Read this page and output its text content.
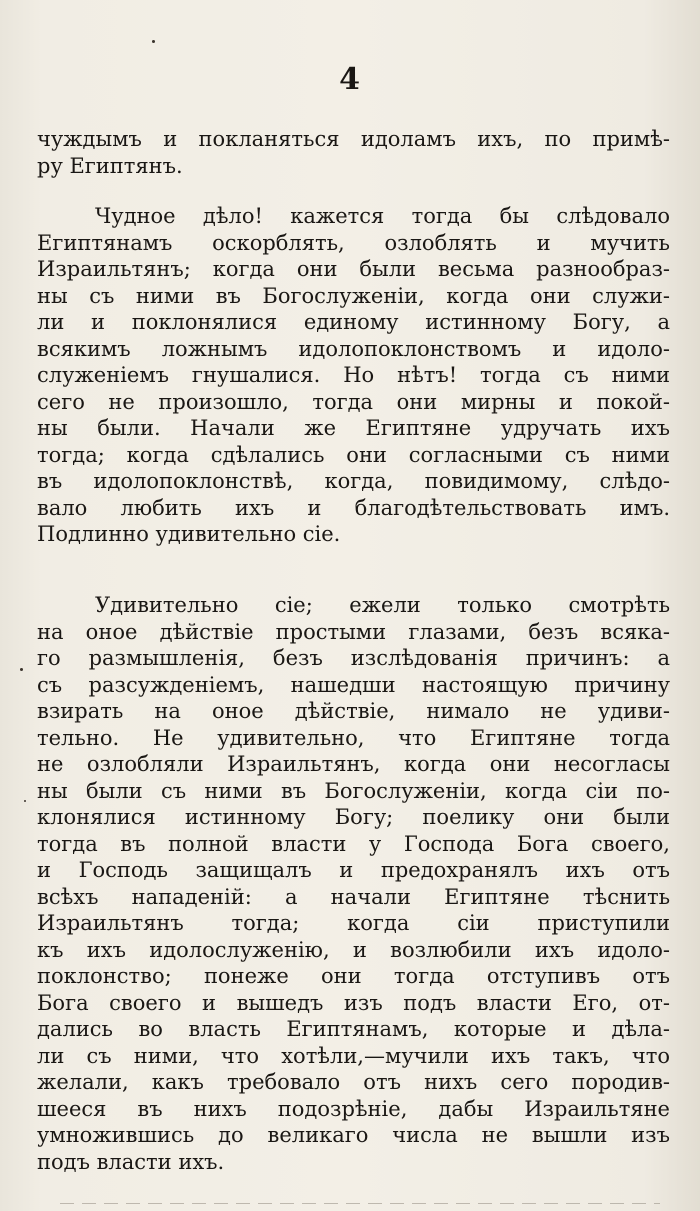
4
чуждымъ и покланяться идоламъ ихъ, по примѣ-
ру Египтянъ.
Чудное дѣло! кажется тогда бы слѣдовало
Египтянамъ оскорблять, озлоблять и мучить
Израильтянъ; когда они были весьма разнообраз-
ны съ ними въ Богослуженіи, когда они служи-
ли и поклонялися единому истинному Богу, а
всякимъ ложнымъ идолопоклонствомъ и идоло-
служеніемъ гнушалися. Но нѣтъ! тогда съ ними
сего не произошло, тогда они мирны и покой-
ны были. Начали же Египтяне удручать ихъ
тогда; когда сдѣлались они согласными съ ними
въ идолопоклонствѣ, когда, повидимому, слѣдо-
вало любить ихъ и благодѣтельствовать имъ.
Подлинно удивительно сіе.
Удивительно сіе; ежели только смотрѣть
на оное дѣйствіе простыми глазами, безъ всяка-
го размышленія, безъ изслѣдованія причинъ: а
съ разсужденіемъ, нашедши настоящую причину
взирать на оное дѣйствіе, нимало не удиви-
тельно. Не удивительно, что Египтяне тогда
не озлобляли Израильтянъ, когда они несогласы
ны были съ ними въ Богослуженіи, когда сіи по-
клонялися истинному Богу; поелику они были
тогда въ полной власти у Господа Бога своего,
и Господь защищалъ и предохранялъ ихъ отъ
всѣхъ нападеній: а начали Египтяне тѣснить
Израильтянъ тогда; когда сіи приступили
къ ихъ идолослуженію, и возлюбили ихъ идоло-
поклонство; понеже они тогда отступивъ отъ
Бога своего и вышедъ изъ подъ власти Его, от-
дались во власть Египтянамъ, которые и дѣла-
ли съ ними, что хотѣли,—мучили ихъ такъ, что
желали, какъ требовало отъ нихъ сего породив-
шееся въ нихъ подозрѣніе, дабы Израильтяне
умножившись до великаго числа не вышли изъ
подъ власти ихъ.
